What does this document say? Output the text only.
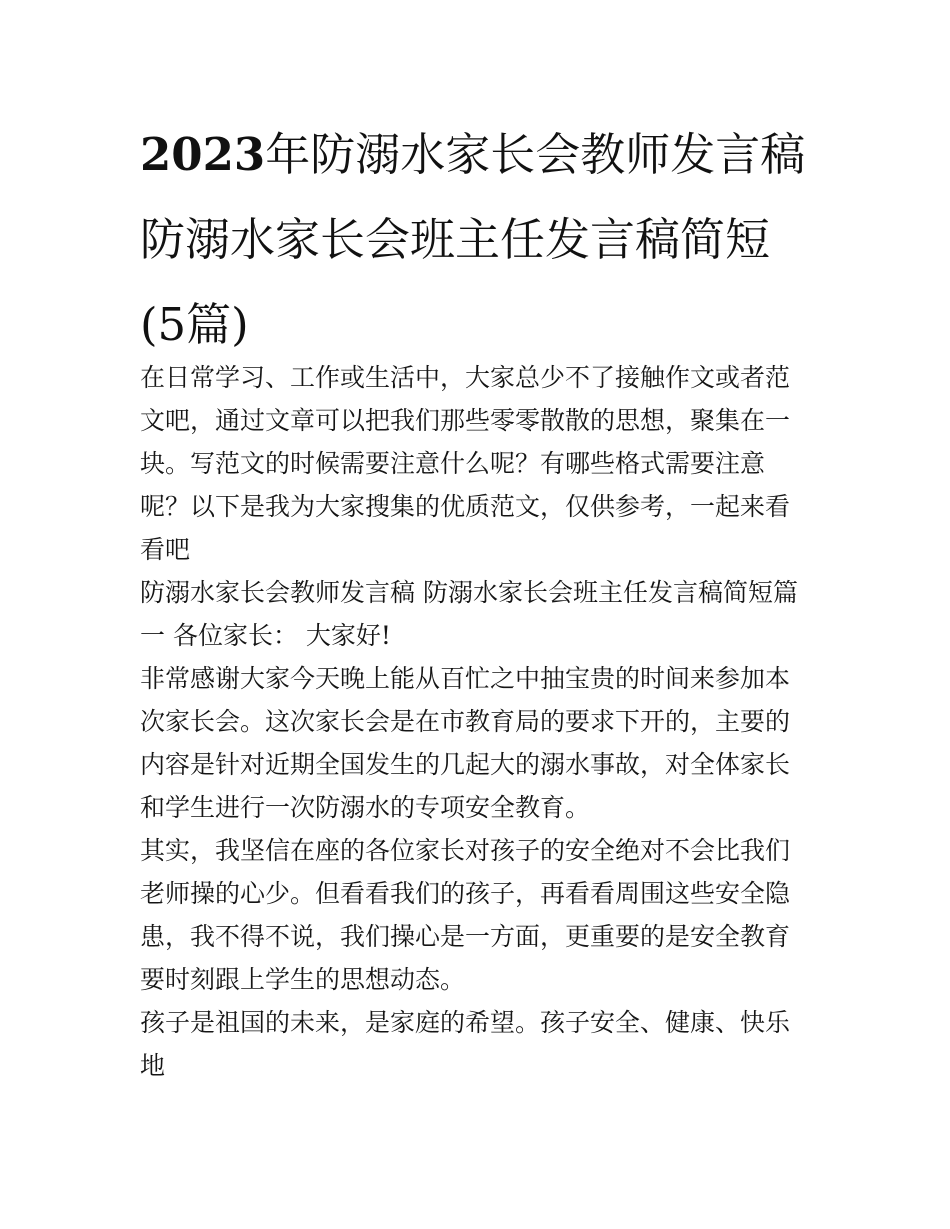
2023年防溺水家长会教师发言稿 防溺水家长会班主任发言稿简短(5篇)

在日常学习、工作或生活中，大家总少不了接触作文或者范文吧，通过文章可以把我们那些零零散散的思想，聚集在一块。写范文的时候需要注意什么呢？有哪些格式需要注意呢？以下是我为大家搜集的优质范文，仅供参考，一起来看看吧

防溺水家长会教师发言稿 防溺水家长会班主任发言稿简短篇一 各位家长： 大家好!

非常感谢大家今天晚上能从百忙之中抽宝贵的时间来参加本次家长会。这次家长会是在市教育局的要求下开的，主要的内容是针对近期全国发生的几起大的溺水事故，对全体家长和学生进行一次防溺水的专项安全教育。

其实，我坚信在座的各位家长对孩子的安全绝对不会比我们老师操的心少。但看看我们的孩子，再看看周围这些安全隐患，我不得不说，我们操心是一方面，更重要的是安全教育要时刻跟上学生的思想动态。

孩子是祖国的未来，是家庭的希望。孩子安全、健康、快乐地
